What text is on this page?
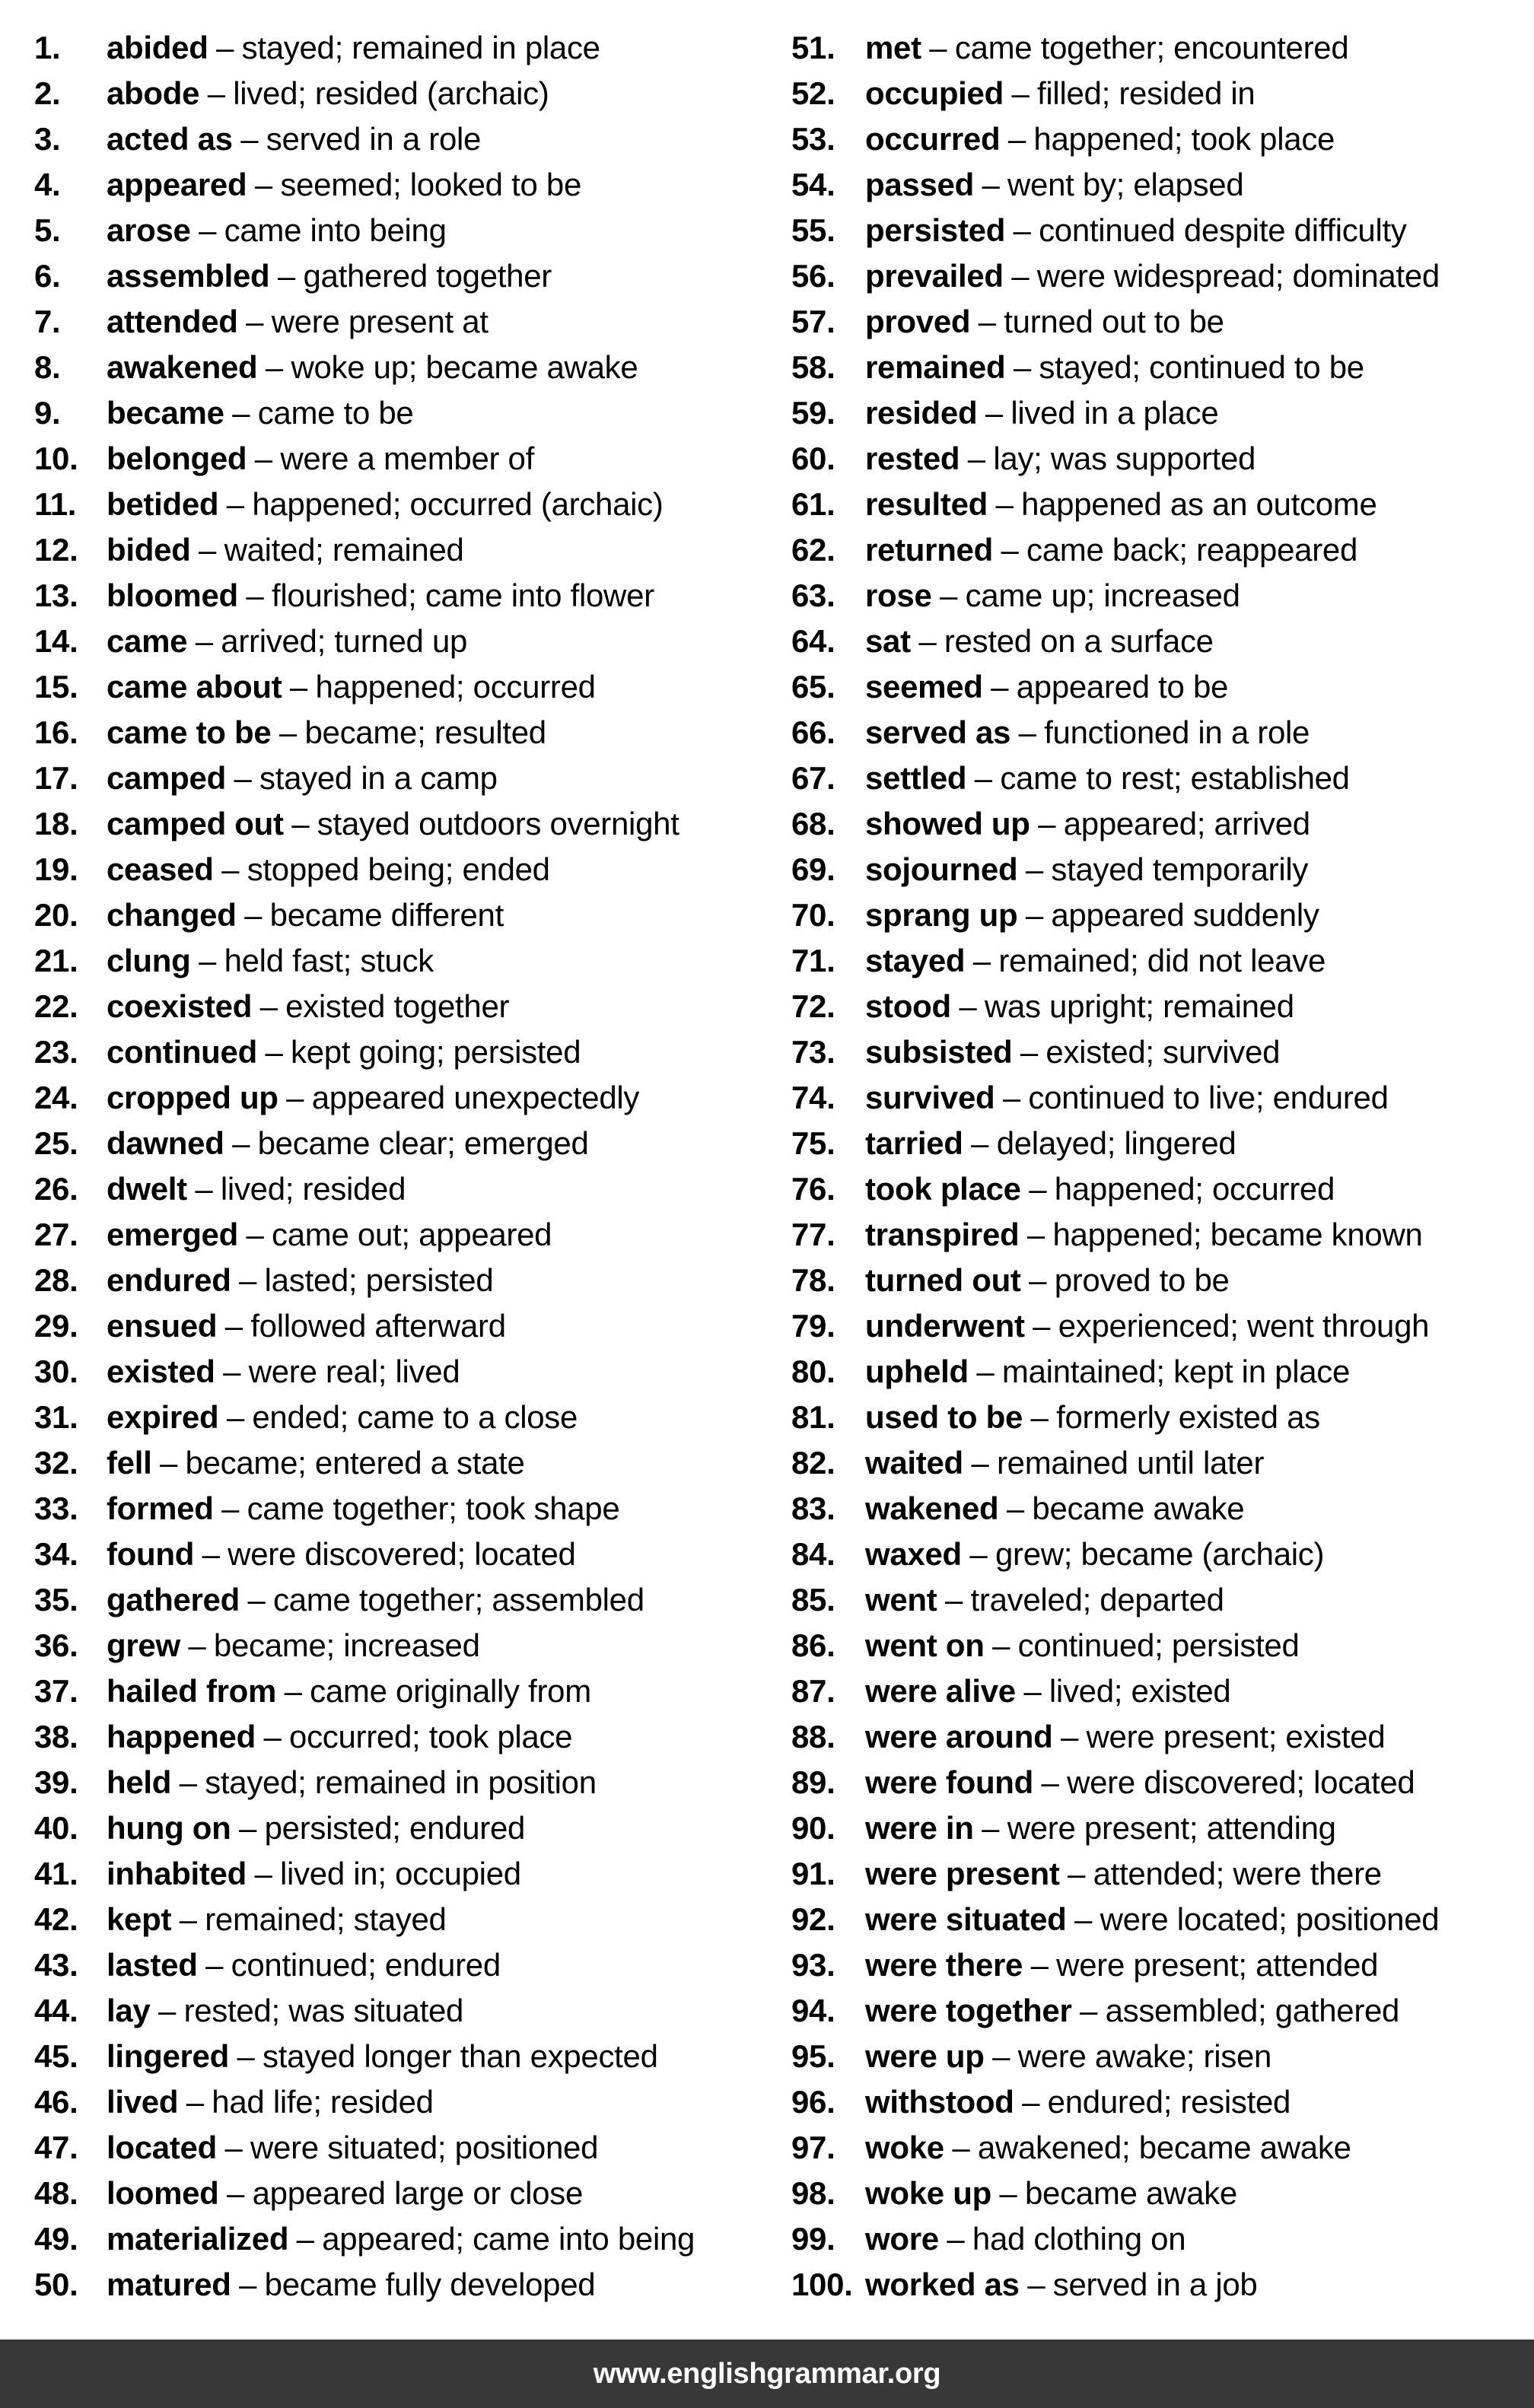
1.	abided – stayed; remained in place
2.	abode – lived; resided (archaic)
3.	acted as – served in a role
4.	appeared – seemed; looked to be
5.	arose – came into being
6.	assembled – gathered together
7.	attended – were present at
8.	awakened – woke up; became awake
9.	became – came to be
10. belonged – were a member of
11. betided – happened; occurred (archaic)
12. bided – waited; remained
13. bloomed – flourished; came into flower
14. came – arrived; turned up
15. came about – happened; occurred
16. came to be – became; resulted
17. camped – stayed in a camp
18. camped out – stayed outdoors overnight
19. ceased – stopped being; ended
20. changed – became different
21. clung – held fast; stuck
22. coexisted – existed together
23. continued – kept going; persisted
24. cropped up – appeared unexpectedly
25. dawned – became clear; emerged
26. dwelt – lived; resided
27. emerged – came out; appeared
28. endured – lasted; persisted
29. ensued – followed afterward
30. existed – were real; lived
31. expired – ended; came to a close
32. fell – became; entered a state
33. formed – came together; took shape
34. found – were discovered; located
35. gathered – came together; assembled
36. grew – became; increased
37. hailed from – came originally from
38. happened – occurred; took place
39. held – stayed; remained in position
40. hung on – persisted; endured
41. inhabited – lived in; occupied
42. kept – remained; stayed
43. lasted – continued; endured
44. lay – rested; was situated
45. lingered – stayed longer than expected
46. lived – had life; resided
47. located – were situated; positioned
48. loomed – appeared large or close
49. materialized – appeared; came into being
50. matured – became fully developed
51. met – came together; encountered
52. occupied – filled; resided in
53. occurred – happened; took place
54. passed – went by; elapsed
55. persisted – continued despite difficulty
56. prevailed – were widespread; dominated
57. proved – turned out to be
58. remained – stayed; continued to be
59. resided – lived in a place
60. rested – lay; was supported
61. resulted – happened as an outcome
62. returned – came back; reappeared
63. rose – came up; increased
64. sat – rested on a surface
65. seemed – appeared to be
66. served as – functioned in a role
67. settled – came to rest; established
68. showed up – appeared; arrived
69. sojourned – stayed temporarily
70. sprang up – appeared suddenly
71. stayed – remained; did not leave
72. stood – was upright; remained
73. subsisted – existed; survived
74. survived – continued to live; endured
75. tarried – delayed; lingered
76. took place – happened; occurred
77. transpired – happened; became known
78. turned out – proved to be
79. underwent – experienced; went through
80. upheld – maintained; kept in place
81. used to be – formerly existed as
82. waited – remained until later
83. wakened – became awake
84. waxed – grew; became (archaic)
85. went – traveled; departed
86. went on – continued; persisted
87. were alive – lived; existed
88. were around – were present; existed
89. were found – were discovered; located
90. were in – were present; attending
91. were present – attended; were there
92. were situated – were located; positioned
93. were there – were present; attended
94. were together – assembled; gathered
95. were up – were awake; risen
96. withstood – endured; resisted
97. woke – awakened; became awake
98. woke up – became awake
99. wore – had clothing on
100. worked as – served in a job
www.englishgrammar.org
